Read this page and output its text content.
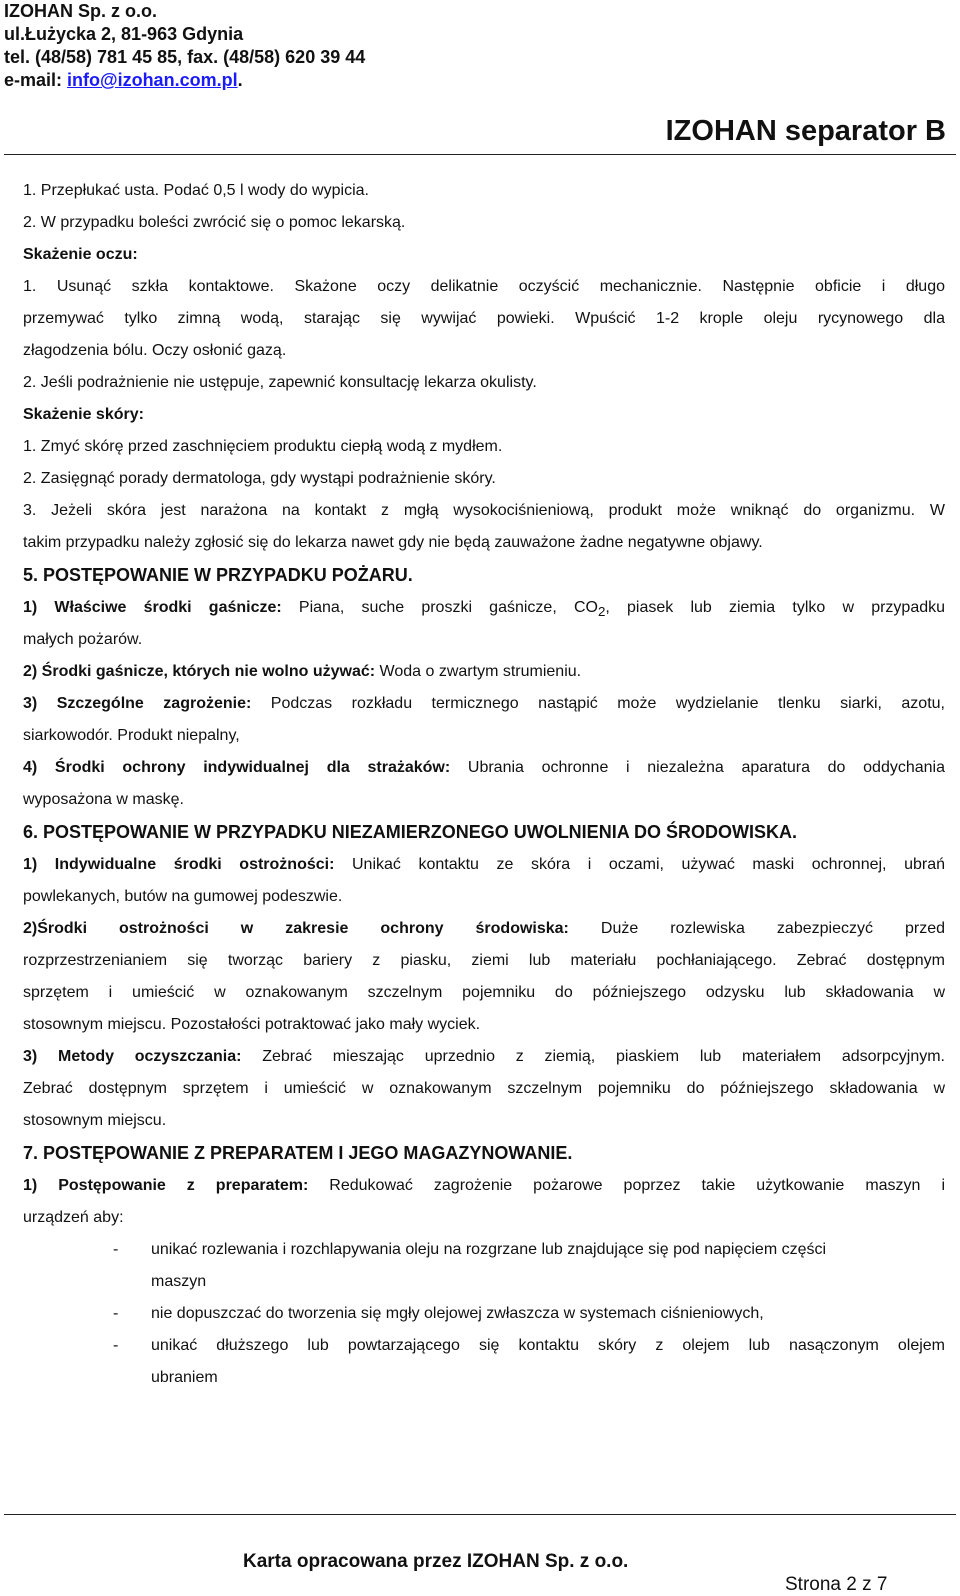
IZOHAN Sp. z o.o.
ul.Łużycka 2, 81-963 Gdynia
tel. (48/58) 781 45 85, fax. (48/58) 620 39 44
e-mail: info@izohan.com.pl.
IZOHAN separator B
1. Przepłukać usta. Podać 0,5 l wody do wypicia.
2. W przypadku boleści zwrócić się o pomoc lekarską.
Skażenie oczu:
1. Usunąć szkła kontaktowe. Skażone oczy delikatnie oczyścić mechanicznie. Następnie obficie i długo
przemywać tylko zimną wodą, starając się wywijać powieki. Wpuścić 1-2 krople oleju rycynowego dla
złagodzenia bólu. Oczy osłonić gazą.
2. Jeśli podrażnienie nie ustępuje, zapewnić konsultację lekarza okulisty.
Skażenie skóry:
1. Zmyć skórę przed zaschnięciem produktu ciepłą wodą z mydłem.
2. Zasięgnąć porady dermatologa, gdy wystąpi podrażnienie skóry.
3. Jeżeli skóra jest narażona na kontakt z mgłą wysokociśnieniową, produkt może wniknąć do organizmu. W
takim przypadku należy zgłosić się do lekarza nawet gdy nie będą zauważone żadne negatywne objawy.
5. POSTĘPOWANIE W PRZYPADKU POŻARU.
1) Właściwe środki gaśnicze: Piana, suche proszki gaśnicze, $CO_2$, piasek lub ziemia tylko w przypadku
małych pożarów.
2) Środki gaśnicze, których nie wolno używać: Woda o zwartym strumieniu.
3) Szczególne zagrożenie: Podczas rozkładu termicznego nastąpić może wydzielanie tlenku siarki, azotu,
siarkowodór. Produkt niepalny,
4) Środki ochrony indywidualnej dla strażaków: Ubrania ochronne i niezależna aparatura do oddychania
wyposażona w maskę.
6. POSTĘPOWANIE W PRZYPADKU NIEZAMIERZONEGO UWOLNIENIA DO ŚRODOWISKA.
1) Indywidualne środki ostrożności: Unikać kontaktu ze skóra i oczami, używać maski ochronnej, ubrań
powlekanych, butów na gumowej podeszwie.
2)Środki ostrożności w zakresie ochrony środowiska: Duże rozlewiska zabezpieczyć przed
rozprzestrzenianiem się tworząc bariery z piasku, ziemi lub materiału pochłaniającego. Zebrać dostępnym
sprzętem i umieścić w oznakowanym szczelnym pojemniku do późniejszego odzysku lub składowania w
stosownym miejscu. Pozostałości potraktować jako mały wyciek.
3) Metody oczyszczania: Zebrać mieszając uprzednio z ziemią, piaskiem lub materiałem adsorpcyjnym.
Zebrać dostępnym sprzętem i umieścić w oznakowanym szczelnym pojemniku do późniejszego składowania w
stosownym miejscu.
7. POSTĘPOWANIE Z PREPARATEM I JEGO MAGAZYNOWANIE.
1) Postępowanie z preparatem: Redukować zagrożenie pożarowe poprzez takie użytkowanie maszyn i
urządzeń aby:
- unikać rozlewania i rozchlapywania oleju na rozgrzane lub znajdujące się pod napięciem części
maszyn
- nie dopuszczać do tworzenia się mgły olejowej zwłaszcza w systemach ciśnieniowych,
- unikać dłuższego lub powtarzającego się kontaktu skóry z olejem lub nasączonym olejem
ubraniem
Karta opracowana przez IZOHAN Sp. z o.o.
Strona 2 z 7
